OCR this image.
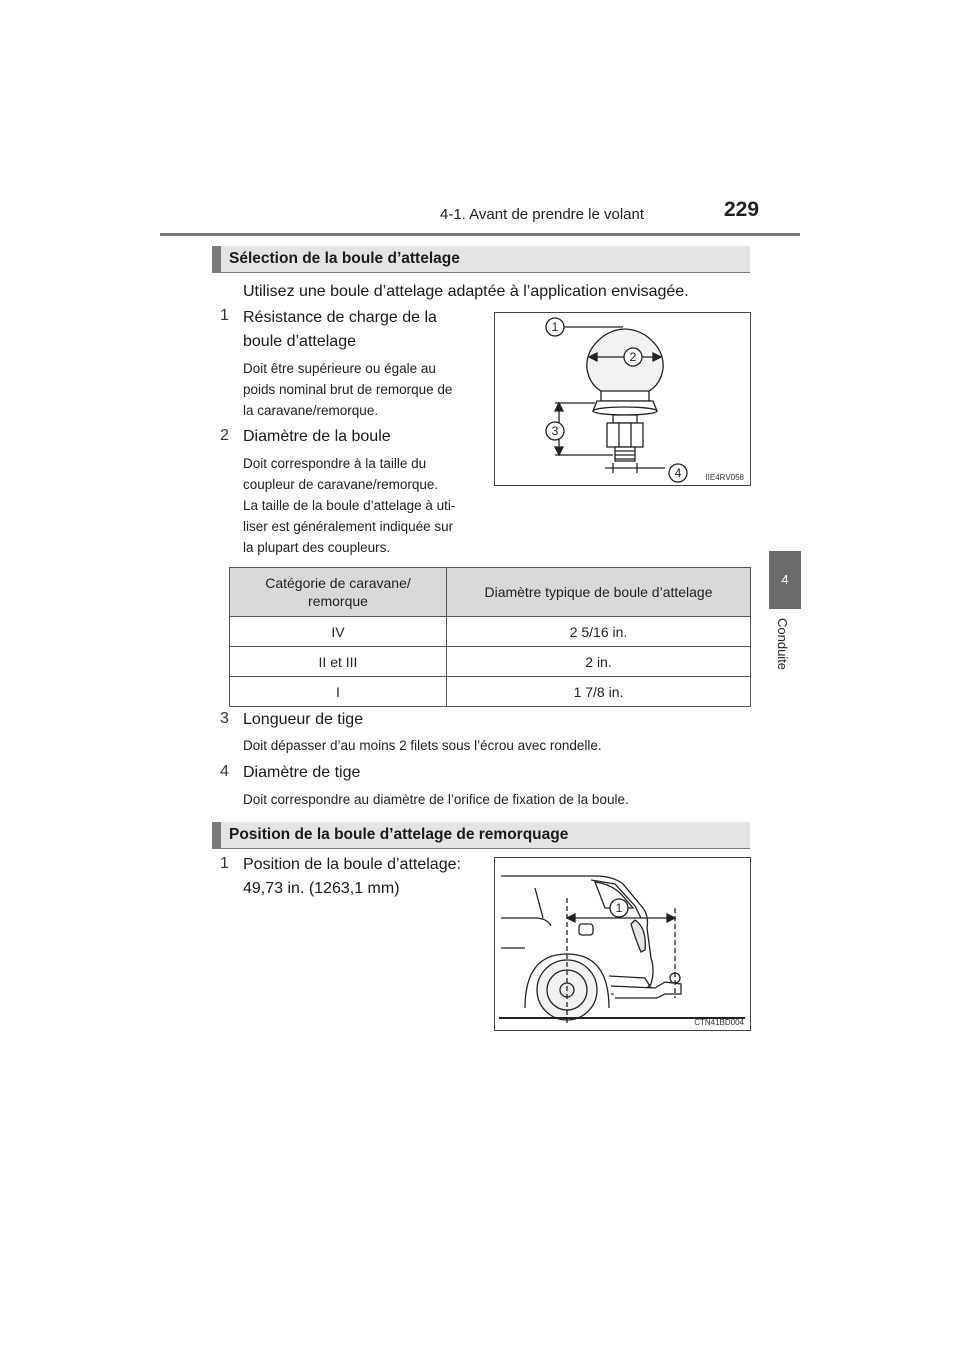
4-1. Avant de prendre le volant	229
4
Conduite
Sélection de la boule d’attelage
Utilisez une boule d’attelage adaptée à l’application envisagée.
1 Résistance de charge de la
boule d’attelage
Doit être supérieure ou égale au
poids nominal brut de remorque de
la caravane/remorque.
2 Diamètre de la boule
Doit correspondre à la taille du
coupleur de caravane/remorque.
La taille de la boule d’attelage à uti-
liser est généralement indiquée sur
la plupart des coupleurs.
1
2
3
4	IIE4RV058
Catégorie de caravane/
remorque	Diamètre typique de boule d’attelage
IV	2 5/16 in.
II et III	2 in.
I	1 7/8 in.
3 Longueur de tige
Doit dépasser d’au moins 2 filets sous l’écrou avec rondelle.
4 Diamètre de tige
Doit correspondre au diamètre de l’orifice de fixation de la boule.
Position de la boule d’attelage de remorquage
1 Position de la boule d’attelage:
49,73 in. (1263,1 mm)
1
CTN41BD004
